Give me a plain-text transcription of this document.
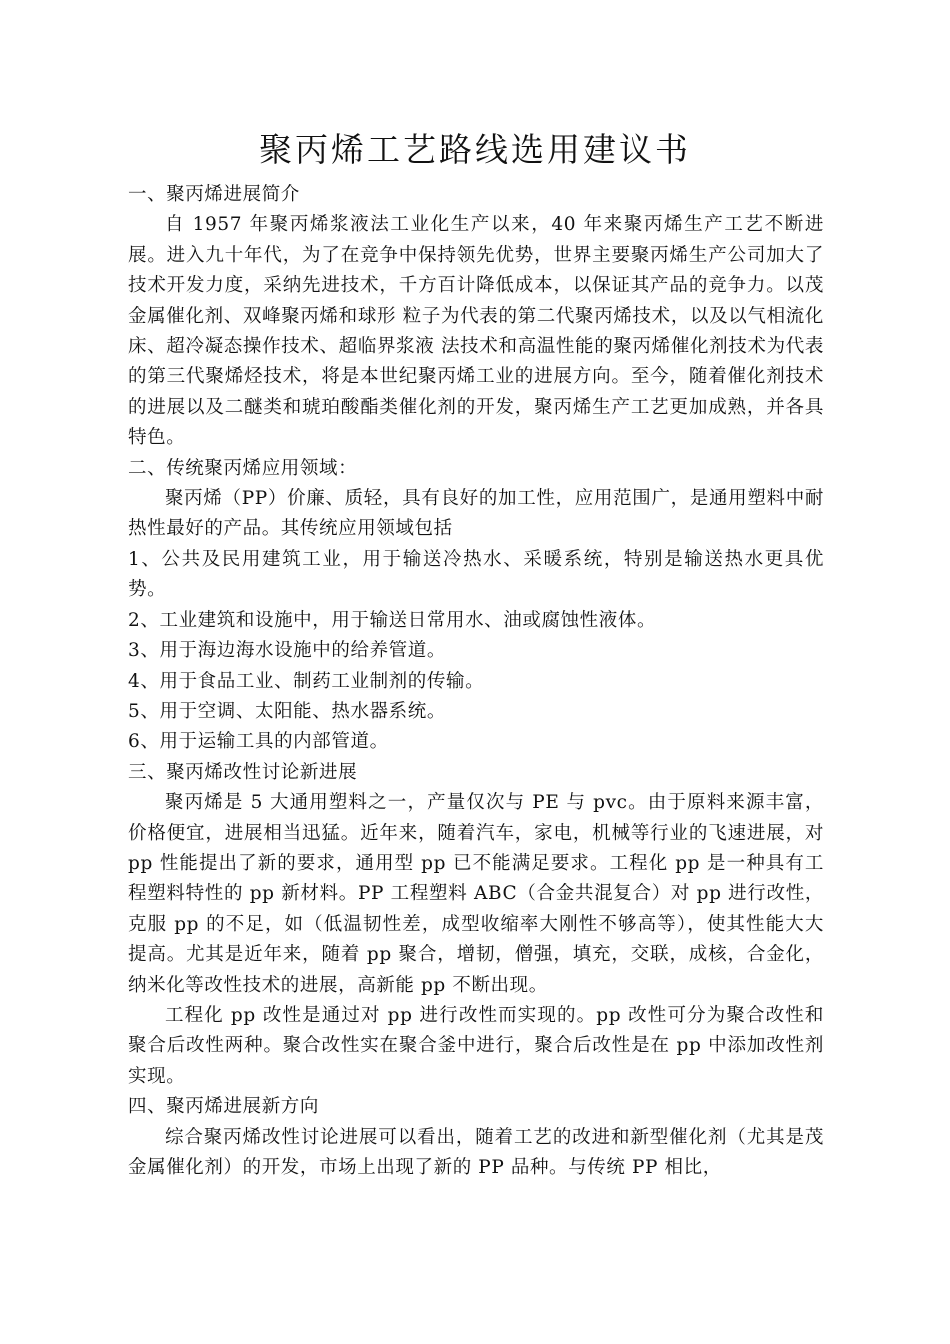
聚丙烯工艺路线选用建议书

一、聚丙烯进展简介

自 1957 年聚丙烯浆液法工业化生产以来，40 年来聚丙烯生产工艺不断进展。进入九十年代，为了在竞争中保持领先优势，世界主要聚丙烯生产公司加大了技术开发力度，采纳先进技术，千方百计降低成本，以保证其产品的竞争力。以茂金属催化剂、双峰聚丙烯和球形 粒子为代表的第二代聚丙烯技术，以及以气相流化床、超冷凝态操作技术、超临界浆液 法技术和高温性能的聚丙烯催化剂技术为代表的第三代聚烯烃技术，将是本世纪聚丙烯工业的进展方向。至今，随着催化剂技术的进展以及二醚类和琥珀酸酯类催化剂的开发，聚丙烯生产工艺更加成熟，并各具特色。

二、传统聚丙烯应用领域：

聚丙烯（PP）价廉、质轻，具有良好的加工性，应用范围广，是通用塑料中耐热性最好的产品。其传统应用领域包括

1、公共及民用建筑工业，用于输送冷热水、采暖系统，特别是输送热水更具优势。

2、工业建筑和设施中，用于输送日常用水、油或腐蚀性液体。

3、用于海边海水设施中的给养管道。

4、用于食品工业、制药工业制剂的传输。

5、用于空调、太阳能、热水器系统。

6、用于运输工具的内部管道。

三、聚丙烯改性讨论新进展

聚丙烯是 5 大通用塑料之一，产量仅次与 PE 与 pvc。由于原料来源丰富，价格便宜，进展相当迅猛。近年来，随着汽车，家电，机械等行业的飞速进展，对 pp 性能提出了新的要求，通用型 pp 已不能满足要求。工程化 pp 是一种具有工程塑料特性的 pp 新材料。PP 工程塑料 ABC（合金共混复合）对 pp 进行改性，克服 pp 的不足，如（低温韧性差，成型收缩率大刚性不够高等），使其性能大大提高。尤其是近年来，随着 pp 聚合，增韧，僧强，填充，交联，成核，合金化，纳米化等改性技术的进展，高新能 pp 不断出现。

工程化 pp 改性是通过对 pp 进行改性而实现的。pp 改性可分为聚合改性和聚合后改性两种。聚合改性实在聚合釜中进行，聚合后改性是在 pp 中添加改性剂实现。

四、聚丙烯进展新方向

综合聚丙烯改性讨论进展可以看出，随着工艺的改进和新型催化剂（尤其是茂金属催化剂）的开发，市场上出现了新的 PP 品种。与传统 PP 相比，
